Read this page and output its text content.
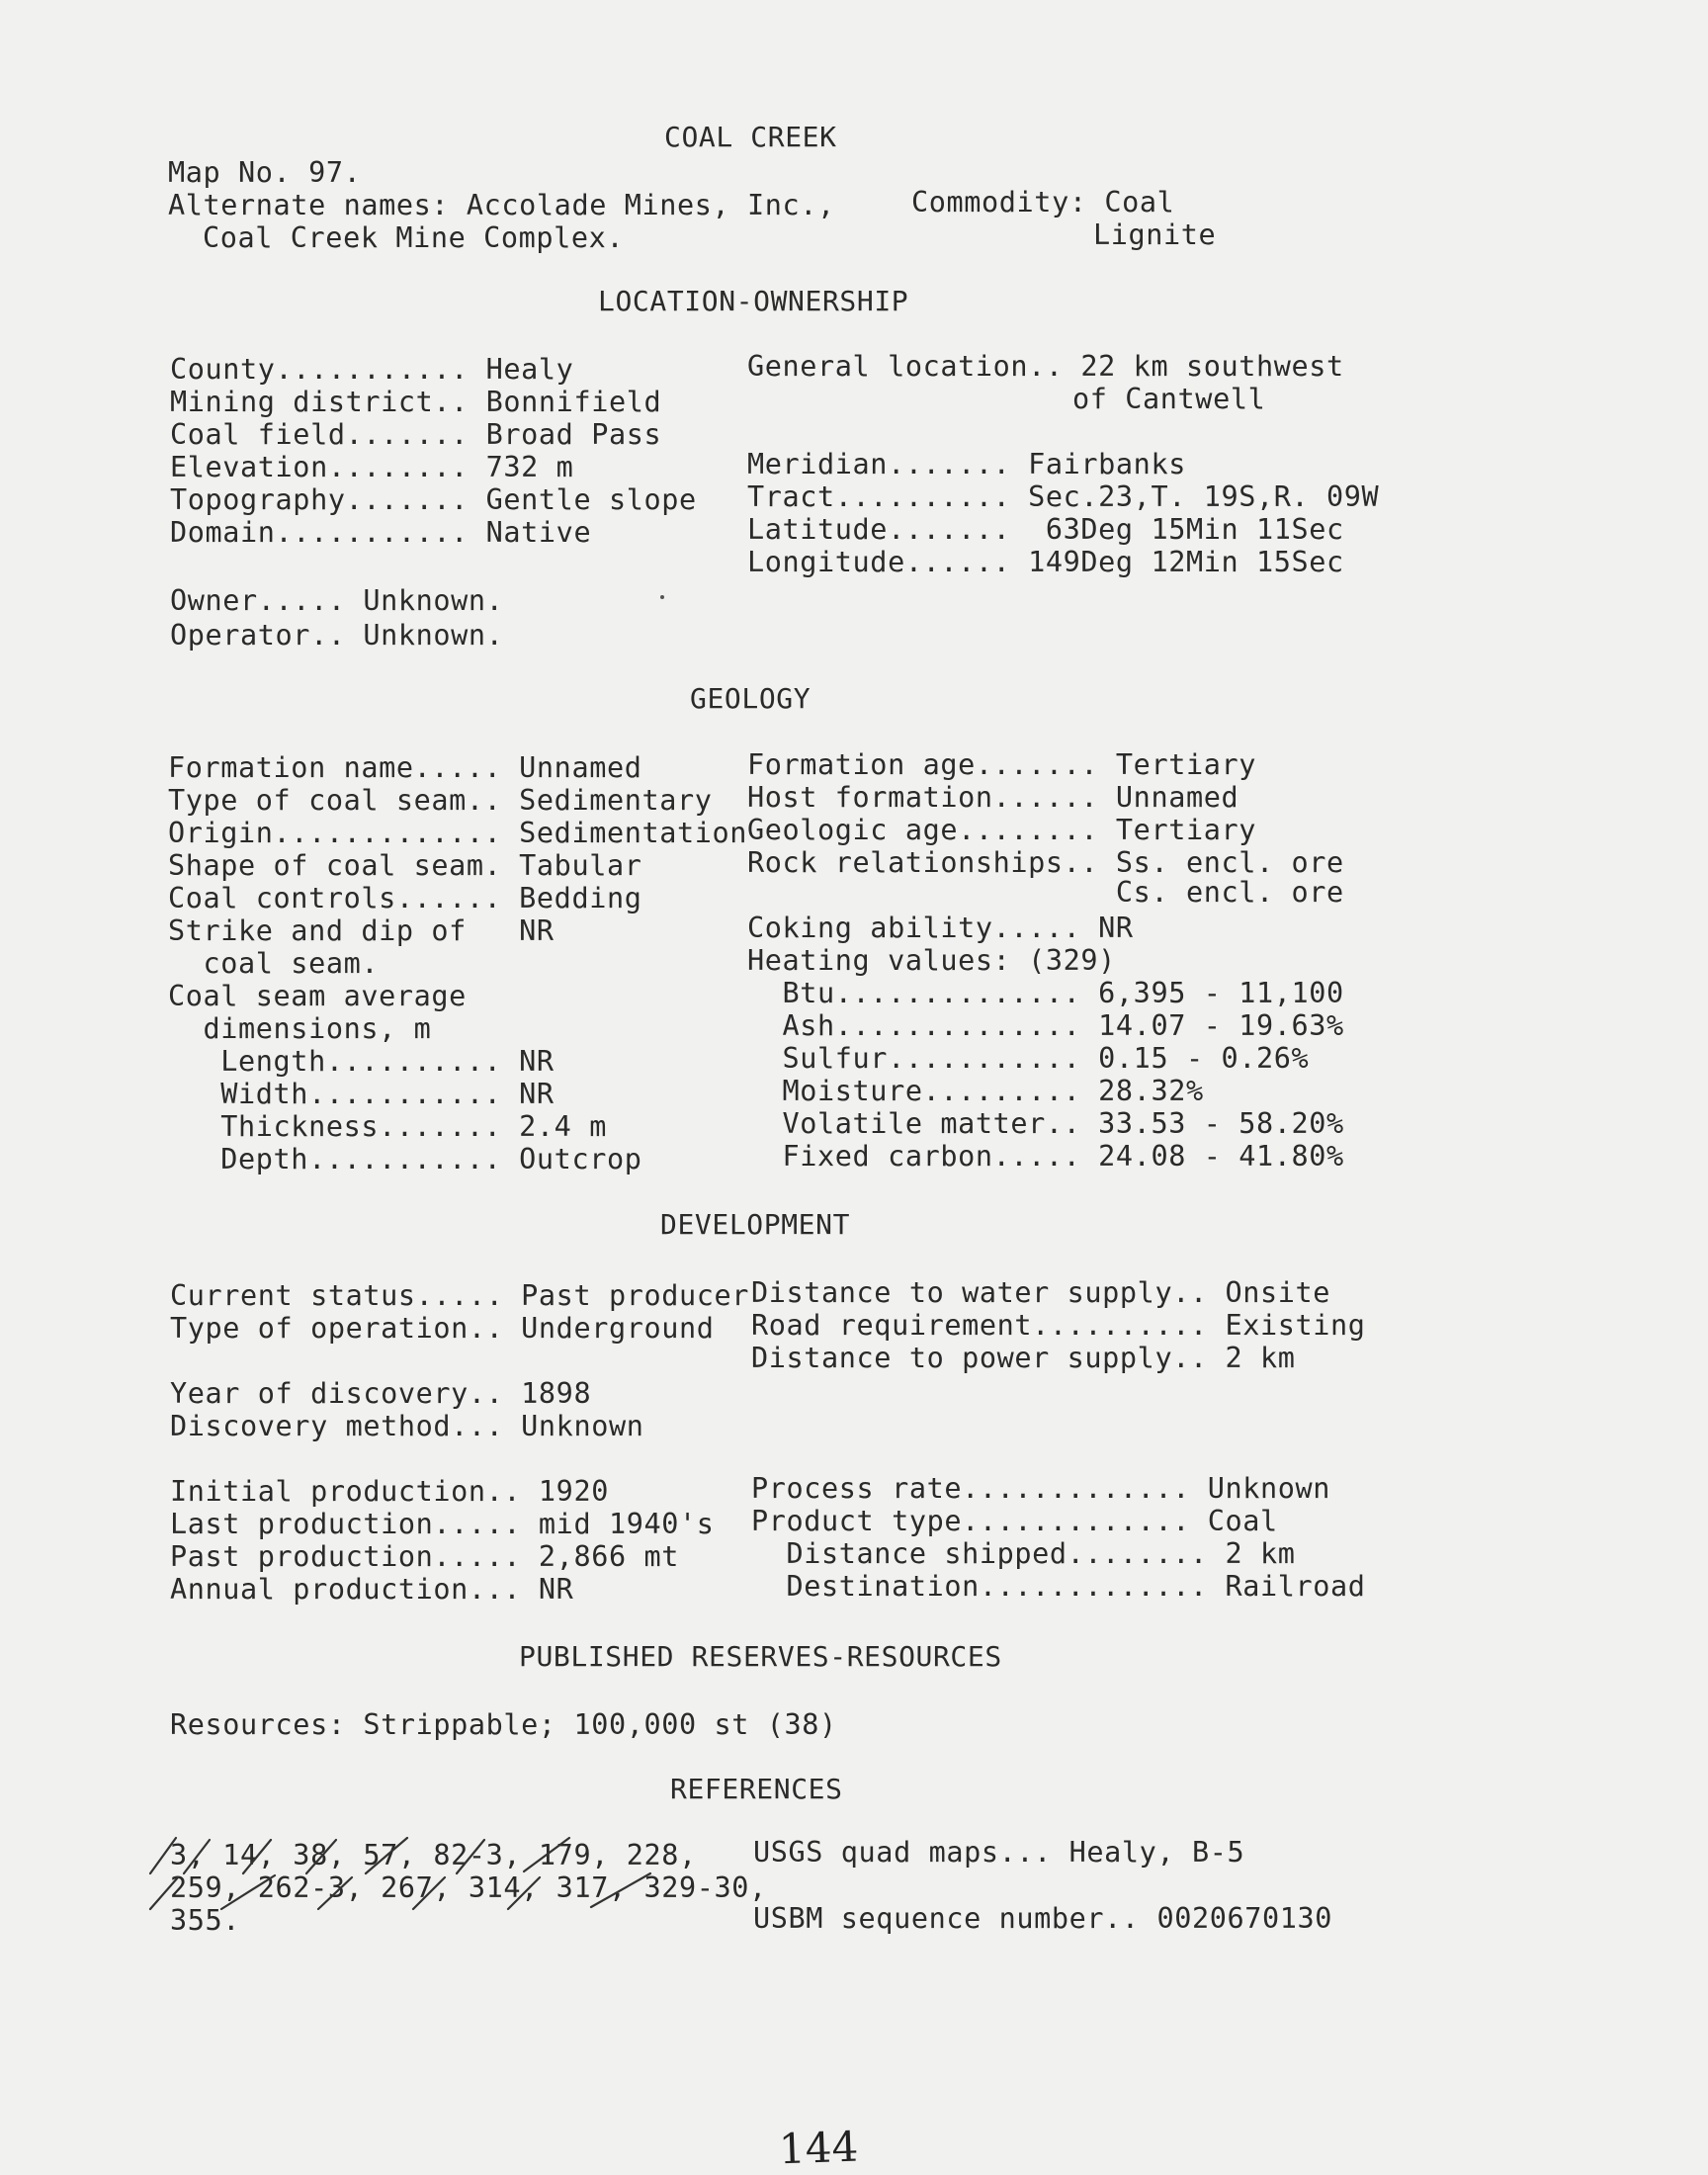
COAL CREEK
Map No. 97.
Alternate names: Accolade Mines, Inc.,
Coal Creek Mine Complex.
Commodity: Coal
Lignite
LOCATION-OWNERSHIP
County........... Healy
Mining district.. Bonnifield
Coal field....... Broad Pass
Elevation........ 732 m
Topography....... Gentle slope
Domain........... Native
General location.. 22 km southwest
of Cantwell
Meridian....... Fairbanks
Tract.......... Sec.23,T. 19S,R. 09W
Latitude.......  63Deg 15Min 11Sec
Longitude...... 149Deg 12Min 15Sec
Owner..... Unknown.
Operator.. Unknown.
GEOLOGY
Formation name..... Unnamed
Type of coal seam.. Sedimentary
Origin............. Sedimentation
Shape of coal seam. Tabular
Coal controls...... Bedding
Strike and dip of   NR
coal seam.
Coal seam average
dimensions, m
Length.......... NR
Width........... NR
Thickness....... 2.4 m
Depth........... Outcrop
Formation age....... Tertiary
Host formation...... Unnamed
Geologic age........ Tertiary
Rock relationships.. Ss. encl. ore
Cs. encl. ore
Coking ability..... NR
Heating values: (329)
Btu.............. 6,395 - 11,100
Ash.............. 14.07 - 19.63%
Sulfur........... 0.15 - 0.26%
Moisture......... 28.32%
Volatile matter.. 33.53 - 58.20%
Fixed carbon..... 24.08 - 41.80%
DEVELOPMENT
Current status..... Past producer
Type of operation.. Underground
Year of discovery.. 1898
Discovery method... Unknown
Initial production.. 1920
Last production..... mid 1940's
Past production..... 2,866 mt
Annual production... NR
Distance to water supply.. Onsite
Road requirement.......... Existing
Distance to power supply.. 2 km
Process rate............. Unknown
Product type............. Coal
Distance shipped........ 2 km
Destination............. Railroad
PUBLISHED RESERVES-RESOURCES
Resources: Strippable; 100,000 st (38)
REFERENCES
3, 14, 38, 57, 82-3, 179, 228,
259, 262-3, 267, 314, 317, 329-30,
355.
USGS quad maps... Healy, B-5
USBM sequence number.. 0020670130
144
